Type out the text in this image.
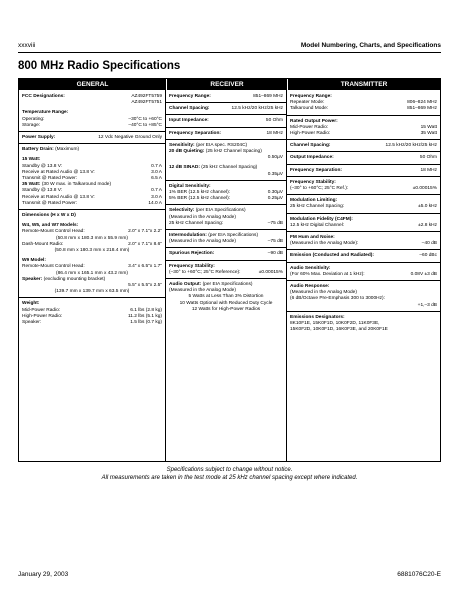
xxxviii	Model Numbering, Charts, and Specifications
800 MHz Radio Specifications
GENERAL	RECEIVER	TRANSMITTER
FCC Designations:	AZ492FT5759
AZ492FT5751
Temperature Range:
Operating:	–30°C to +60°C
Storage:	–40°C to +85°C
Power Supply:	12 Vdc Negative Ground Only
Battery Drain: (Maximum)
15 Watt:
Standby @ 13.8 V:	0.7 A
Receive at Rated Audio @ 13.8 V:	3.0 A
Transmit @ Rated Power:	6.5 A
35 Watt: (30 W max. in Talkaround mode)
Standby @ 13.8 V:	0.7 A
Receive at Rated Audio @ 13.8 V:	3.0 A
Transmit @ Rated Power:	14.0 A
Dimensions (H x W x D)
W4, W5, and W7 Models:
Remote-Mount Control Head:	2.0" x 7.1"x 2.2"
(50.8 mm x 180.3 mm x 55.9 mm)
Dash-Mount Radio:	2.0" x 7.1"x 8.6"
(50.8 mm x 180.3 mm x 218.4 mm)
W9 Model:
Remote-Mount Control Head:	3.4" x 6.5"x 1.7"
(86.4 mm x 165.1 mm x 43.2 mm)
Speaker: (excluding mounting bracket)
5.5" x 5.5"x 2.5"
(139.7 mm x 139.7 mm x 63.5 mm)
Weight:
Mid-Power Radio:	6.1 lbs (2.8 kg)
High-Power Radio:	11.2 lbs (5.1 kg)
Speaker:	1.5 lbs (0.7 kg)
Frequency Range:	851–869 MHz
Channel Spacing:	12.5 kHz/20 kHz/25 kHz
Input Impedance:	50 Ohm
Frequency Separation:	18 MHz
Sensitivity: (per EIA spec. RS204C)
20 dB Quieting: (25 kHz Channel Spacing)
0.50µV
12 dB SINAD: (25 kHz Channel Spacing)
0.35µV
Digital Sensitivity:
1% BER (12.5 kHz channel):	0.30µV
5% BER (12.5 kHz channel):	0.25µV
Selectivity: (per EIA Specifications)
(Measured in the Analog Mode)
25 kHz Channel Spacing:	–75 dB
Intermodulation: (per EIA Specifications)
(Measured in the Analog Mode)	–75 dB
Spurious Rejection:	–90 dB
Frequency Stability:
(–30° to +60°C; 25°C Reference):	±0.00015%
Audio Output: (per EIA Specifications)
(Measured in the Analog Mode)
5 Watts at Less Than 3% Distortion
10 Watts Optional with Reduced Duty Cycle
12 Watts for High-Power Radios
Frequency Range:
Repeater Mode:	806–824 MHz
Talkaround Mode:	851–869 MHz
Rated Output Power:
Mid-Power Radio:	15 Watt
High-Power Radio:	35 Watt
Channel Spacing:	12.5 kHz/20 kHz/25 kHz
Output Impedance:	50 Ohm
Frequency Separation:	18 MHz
Frequency Stability:
(–30° to +60°C; 25°C Ref.):	±0.00015%
Modulation Limiting:
25 kHz Channel Spacing:	±5.0 kHz
Modulation Fidelity (C4FM):
12.5 kHz Digital Channel:	±2.8 kHz
FM Hum and Noise:
(Measured in the Analog Mode):	–40 dB
Emission (Conducted and Radiated):	–60 dBc
Audio Sensitivity:
(For 60% Max. Deviation at 1 kHz):	0.08V ±3 dB
Audio Response:
(Measured in the Analog Mode)
(6 dB/Octave Pre-Emphasis 300 to 3000Hz):
+1,–3 dB
Emissions Designators:
8K10F1E, 15K0F1D, 10K0F2D, 11K0F3E,
15K0F2D, 10K0F1D, 16K0F3E, and 20K0F1E
Specifications subject to change without notice.
All measurements are taken in the test mode at 25 kHz channel spacing except where indicated.
January 29, 2003	6881076C20-E
